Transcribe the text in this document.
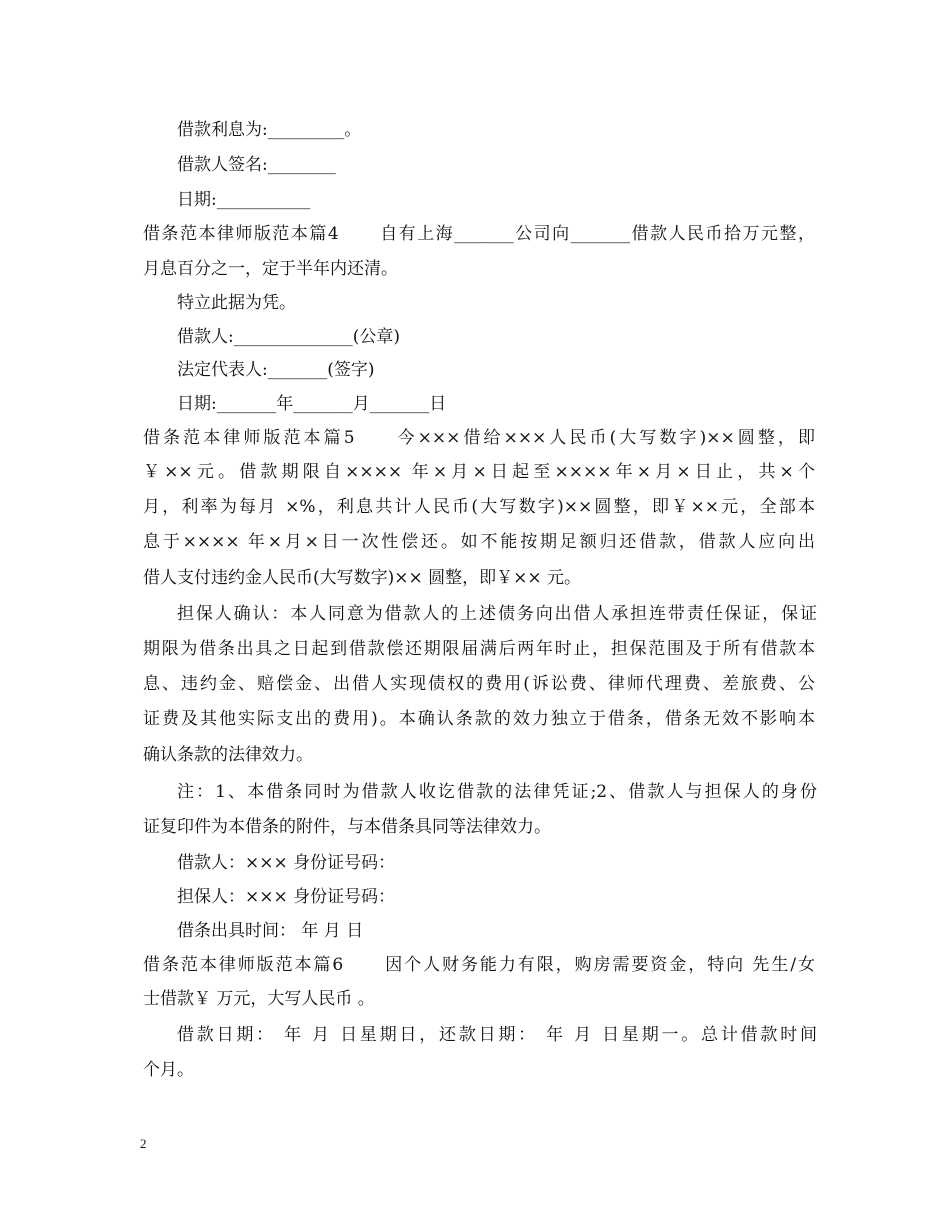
借款利息为:_________。
借款人签名:________
日期:___________
借条范本律师版范本篇4 自有上海_______公司向_______借款人民币拾万元整，
月息百分之一，定于半年内还清。
特立此据为凭。
借款人:______________(公章)
法定代表人:_______(签字)
日期:_______年_______月_______日
借条范本律师版范本篇5 今×××借给×××人民币(大写数字)××圆整，即
￥××元。借款期限自×××× 年×月×日起至××××年×月×日止，共×个
月，利率为每月 ×%，利息共计人民币(大写数字)××圆整，即￥××元，全部本
息于×××× 年×月×日一次性偿还。如不能按期足额归还借款，借款人应向出
借人支付违约金人民币(大写数字)×× 圆整，即￥×× 元。
担保人确认：本人同意为借款人的上述债务向出借人承担连带责任保证，保证
期限为借条出具之日起到借款偿还期限届满后两年时止，担保范围及于所有借款本
息、违约金、赔偿金、出借人实现债权的费用(诉讼费、律师代理费、差旅费、公
证费及其他实际支出的费用)。本确认条款的效力独立于借条，借条无效不影响本
确认条款的法律效力。
注：1、本借条同时为借款人收讫借款的法律凭证;2、借款人与担保人的身份
证复印件为本借条的附件，与本借条具同等法律效力。
借款人：××× 身份证号码：
担保人：××× 身份证号码：
借条出具时间： 年 月 日
借条范本律师版范本篇6 因个人财务能力有限，购房需要资金，特向 先生/女
士借款￥ 万元，大写人民币 。
借款日期： 年 月 日星期日，还款日期： 年 月 日星期一。总计借款时间
个月。
2
